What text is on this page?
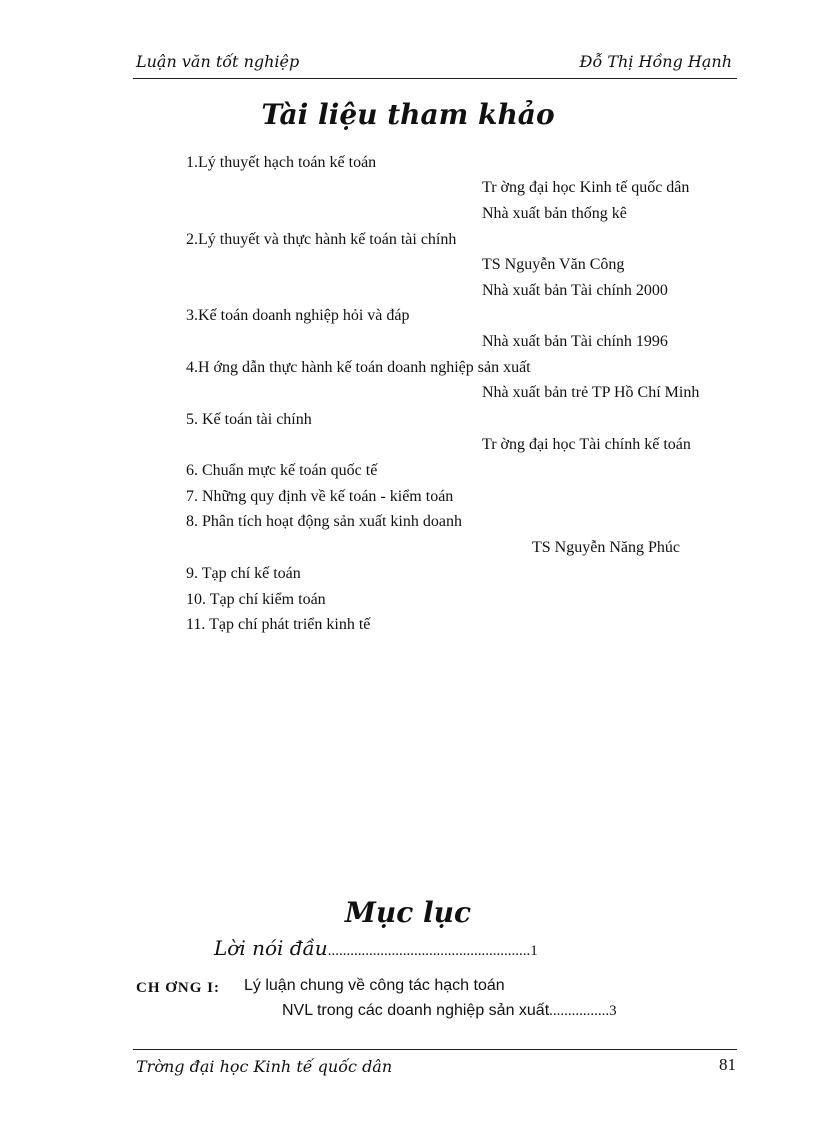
Luận văn tốt nghiệp	Đỗ Thị Hồng Hạnh
Tài liệu tham khảo
1.Lý thuyết hạch toán kế toán
Tr ờng đại học Kinh tế quốc dân
Nhà xuất bản thống kê
2.Lý thuyết và thực hành kế toán tài chính
TS Nguyễn Văn Công
Nhà xuất bản Tài chính 2000
3.Kế toán doanh nghiệp hỏi và đáp
Nhà xuất bản Tài chính 1996
4.H ớng dẫn thực hành kế toán doanh nghiệp sản xuất
Nhà xuất bản trẻ TP Hồ Chí Minh
5. Kế toán tài chính
Tr ờng đại học Tài chính kế toán
6. Chuẩn mực kế toán quốc tế
7. Những quy định về kế toán - kiểm toán
8. Phân tích hoạt động sản xuất kinh doanh
TS Nguyễn Năng Phúc
9. Tạp chí kế toán
10. Tạp chí kiểm toán
11. Tạp chí phát triển kinh tế
Mục lục
Lời nói đầu......................................................1
CH ƠNG I: Lý luận chung về công tác hạch toán
NVL trong các doanh nghiệp sản xuất................3
Trờng đại học Kinh tế quốc dân	81
